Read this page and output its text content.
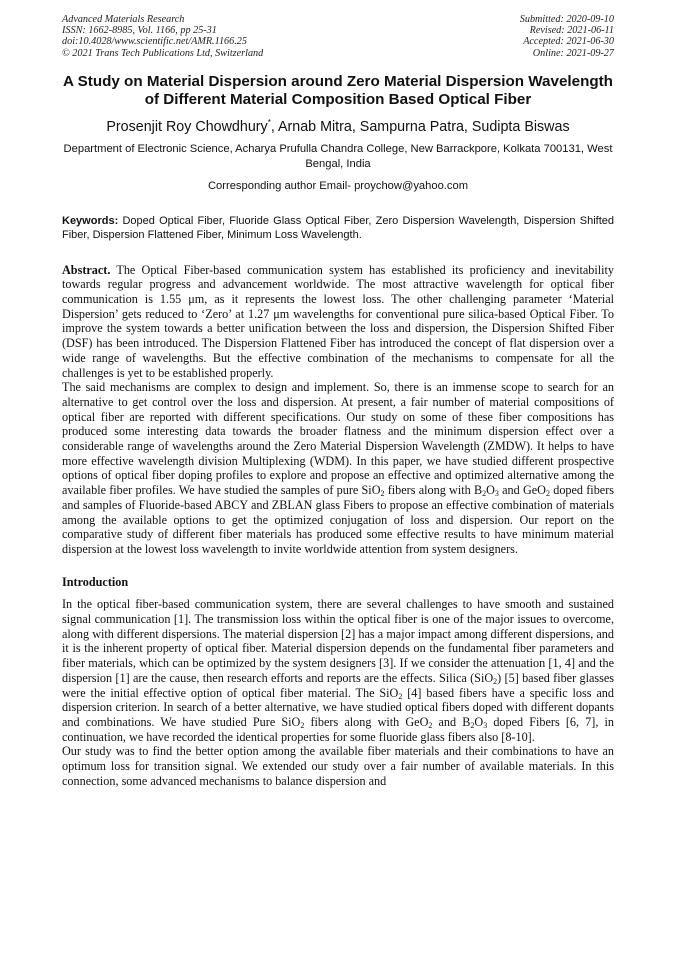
Advanced Materials Research
ISSN: 1662-8985, Vol. 1166, pp 25-31
doi:10.4028/www.scientific.net/AMR.1166.25
© 2021 Trans Tech Publications Ltd, Switzerland
Submitted: 2020-09-10
Revised: 2021-06-11
Accepted: 2021-06-30
Online: 2021-09-27
A Study on Material Dispersion around Zero Material Dispersion Wavelength of Different Material Composition Based Optical Fiber
Prosenjit Roy Chowdhury*, Arnab Mitra, Sampurna Patra, Sudipta Biswas
Department of Electronic Science, Acharya Prufulla Chandra College, New Barrackpore, Kolkata 700131, West Bengal, India
Corresponding author Email- proychow@yahoo.com
Keywords: Doped Optical Fiber, Fluoride Glass Optical Fiber, Zero Dispersion Wavelength, Dispersion Shifted Fiber, Dispersion Flattened Fiber, Minimum Loss Wavelength.

Abstract. The Optical Fiber-based communication system has established its proficiency and inevitability towards regular progress and advancement worldwide. The most attractive wavelength for optical fiber communication is 1.55 μm, as it represents the lowest loss. The other challenging parameter ‘Material Dispersion’ gets reduced to ‘Zero’ at 1.27 μm wavelengths for conventional pure silica-based Optical Fiber. To improve the system towards a better unification between the loss and dispersion, the Dispersion Shifted Fiber (DSF) has been introduced. The Dispersion Flattened Fiber has introduced the concept of flat dispersion over a wide range of wavelengths. But the effective combination of the mechanisms to compensate for all the challenges is yet to be established properly.

The said mechanisms are complex to design and implement. So, there is an immense scope to search for an alternative to get control over the loss and dispersion. At present, a fair number of material compositions of optical fiber are reported with different specifications. Our study on some of these fiber compositions has produced some interesting data towards the broader flatness and the minimum dispersion effect over a considerable range of wavelengths around the Zero Material Dispersion Wavelength (ZMDW). It helps to have more effective wavelength division Multiplexing (WDM). In this paper, we have studied different prospective options of optical fiber doping profiles to explore and propose an effective and optimized alternative among the available fiber profiles. We have studied the samples of pure SiO$_2$ fibers along with $B_2O_3$ and GeO$_2$ doped fibers and samples of Fluoride-based ABCY and ZBLAN glass Fibers to propose an effective combination of materials among the available options to get the optimized conjugation of loss and dispersion. Our report on the comparative study of different fiber materials has produced some effective results to have minimum material dispersion at the lowest loss wavelength to invite worldwide attention from system designers.

Introduction

In the optical fiber-based communication system, there are several challenges to have smooth and sustained signal communication [1]. The transmission loss within the optical fiber is one of the major issues to overcome, along with different dispersions. The material dispersion [2] has a major impact among different dispersions, and it is the inherent property of optical fiber. Material dispersion depends on the fundamental fiber parameters and fiber materials, which can be optimized by the system designers [3]. If we consider the attenuation [1, 4] and the dispersion [1] are the cause, then research efforts and reports are the effects. Silica (SiO$_2$) [5] based fiber glasses were the initial effective option of optical fiber material. The SiO$_2$ [4] based fibers have a specific loss and dispersion criterion. In search of a better alternative, we have studied optical fibers doped with different dopants and combinations. We have studied Pure SiO$_2$ fibers along with GeO$_2$ and $B_2O_3$ doped Fibers [6, 7], in continuation, we have recorded the identical properties for some fluoride glass fibers also [8-10].

Our study was to find the better option among the available fiber materials and their combinations to have an optimum loss for transition signal. We extended our study over a fair number of available materials. In this connection, some advanced mechanisms to balance dispersion and
